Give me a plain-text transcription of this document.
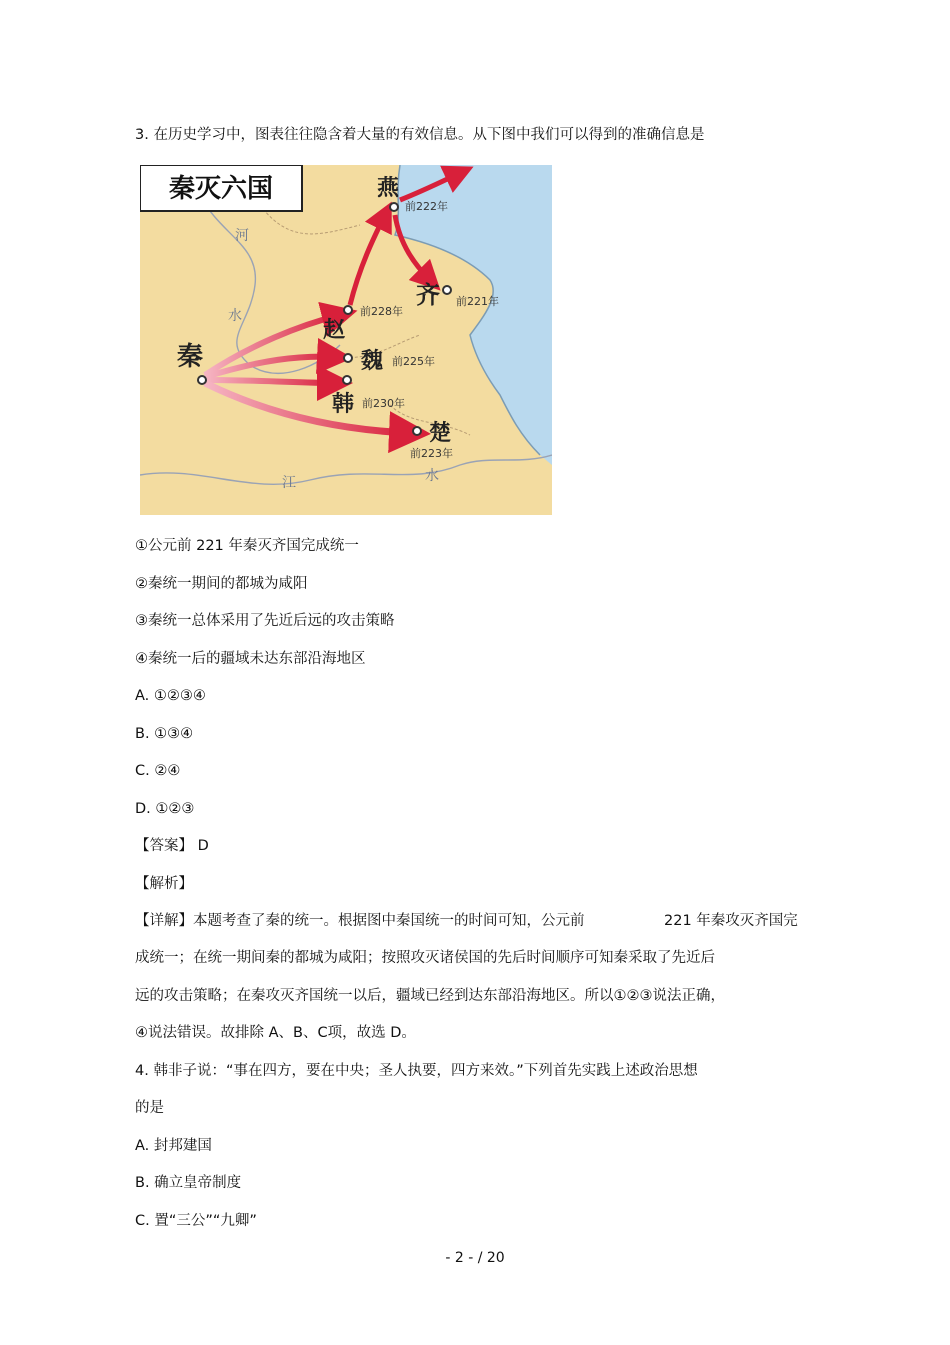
3. 在历史学习中，图表往往隐含着大量的有效信息。从下图中我们可以得到的准确信息是
秦灭六国
秦
韩 前230年
赵
前228年
魏 前225年
楚
前223年
燕
前222年
齐 前221年
河
水
江	水
①公元前 221 年秦灭齐国完成统一
②秦统一期间的都城为咸阳
③秦统一总体采用了先近后远的攻击策略
④秦统一后的疆域未达东部沿海地区
A. ①②③④
B. ①③④
C. ②④
D. ①②③
【答案】 D
【解析】
【详解】本题考查了秦的统一。根据图中秦国统一的时间可知，公元前	221 年秦攻灭齐国完
成统一；在统一期间秦的都城为咸阳；按照攻灭诸侯国的先后时间顺序可知秦采取了先近后
远的攻击策略；在秦攻灭齐国统一以后，疆域已经到达东部沿海地区。所以①②③说法正确，
④说法错误。故排除 A、B、C项，故选 D。
4. 韩非子说：“事在四方，要在中央；圣人执要，四方来效。”下列首先实践上述政治思想
的是
A. 封邦建国
B. 确立皇帝制度
C. 置“三公”“九卿”
- 2 - / 20
